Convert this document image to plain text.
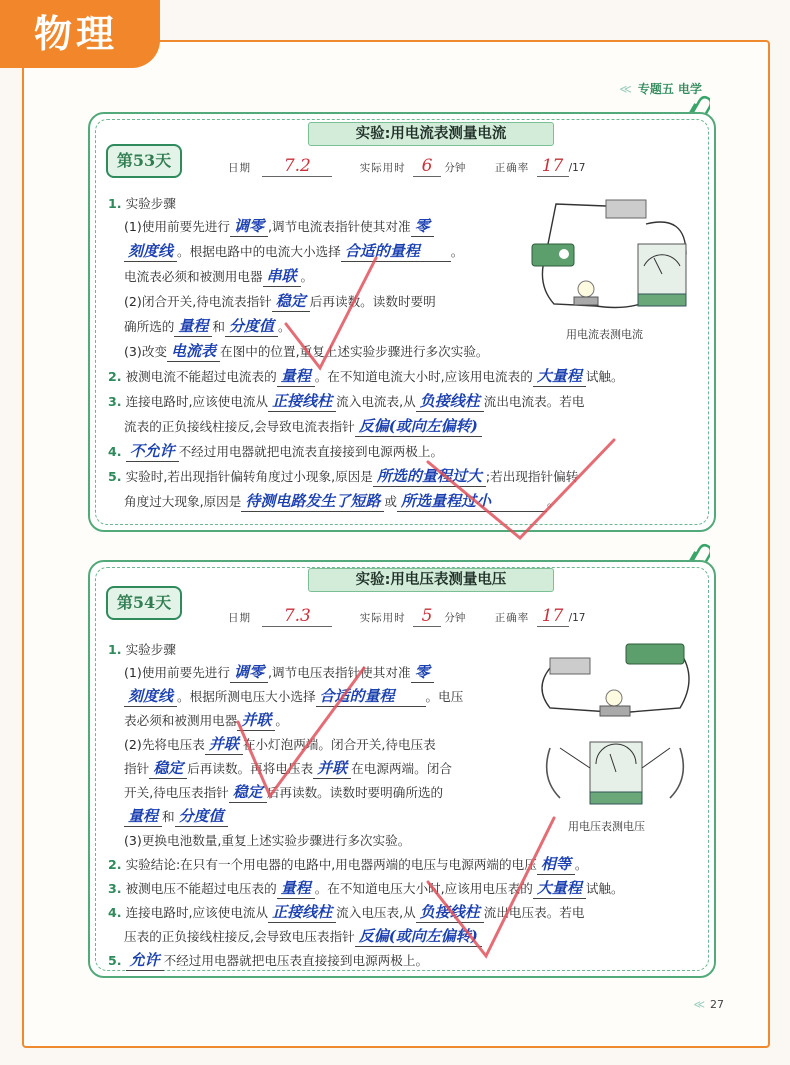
物理
≪ 专题五 电学
第53天
实验:用电流表测量电流
日期 7.2	实际用时 6 分钟	正确率 17 /17
1. 实验步骤
(1)使用前要先进行 调零 ,调节电流表指针使其对准 零
刻度线 。根据电路中的电流大小选择 合适的量程 。
电流表必须和被测用电器 串联 。
(2)闭合开关,待电流表指针 稳定 后再读数。读数时要明
确所选的 量程 和 分度值 。
(3)改变 电流表 在图中的位置,重复上述实验步骤进行多次实验。
2. 被测电流不能超过电流表的 量程 。在不知道电流大小时,应该用电流表的 大量程 试触。
3. 连接电路时,应该使电流从 正接线柱 流入电流表,从 负接线柱 流出电流表。若电
流表的正负接线柱接反,会导致电流表指针 反偏(或向左偏转)
4. 不允许 不经过用电器就把电流表直接接到电源两极上。
5. 实验时,若出现指针偏转角度过小现象,原因是 所选的量程过大 ;若出现指针偏转
角度过大现象,原因是 待测电路发生了短路 或 所选量程过小	。
用电流表测电流
第54天
实验:用电压表测量电压
日期 7.3	实际用时 5 分钟	正确率 17 /17
1. 实验步骤
(1)使用前要先进行 调零 ,调节电压表指针使其对准 零
刻度线 。根据所测电压大小选择 合适的量程 。电压
表必须和被测用电器 并联 。
(2)先将电压表 并联 在小灯泡两端。闭合开关,待电压表
指针 稳定 后再读数。再将电压表 并联 在电源两端。闭合
开关,待电压表指针 稳定 后再读数。读数时要明确所选的
量程 和 分度值
(3)更换电池数量,重复上述实验步骤进行多次实验。
2. 实验结论:在只有一个用电器的电路中,用电器两端的电压与电源两端的电压 相等 。
3. 被测电压不能超过电压表的 量程 。在不知道电压大小时,应该用电压表的 大量程 试触。
4. 连接电路时,应该使电流从 正接线柱 流入电压表,从 负接线柱 流出电压表。若电
压表的正负接线柱接反,会导致电压表指针 反偏(或向左偏转)
5. 允许 不经过用电器就把电压表直接接到电源两极上。
用电压表测电压
≪ 27
